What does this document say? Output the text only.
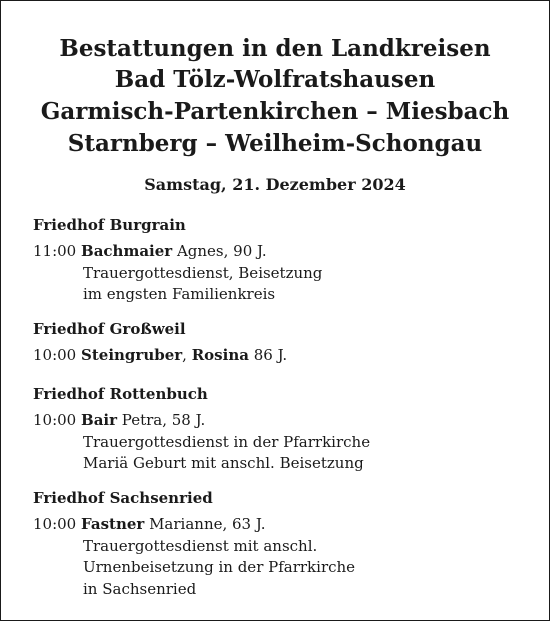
Bestattungen in den Landkreisen
Bad Tölz-Wolfratshausen
Garmisch-Partenkirchen – Miesbach
Starnberg – Weilheim-Schongau
Samstag, 21. Dezember 2024
Friedhof Burgrain
11:00 Bachmaier Agnes, 90 J.
Trauergottesdienst, Beisetzung
im engsten Familienkreis
Friedhof Großweil
10:00 Steingruber, Rosina 86 J.
Friedhof Rottenbuch
10:00 Bair Petra, 58 J.
Trauergottesdienst in der Pfarrkirche
Mariä Geburt mit anschl. Beisetzung
Friedhof Sachsenried
10:00 Fastner Marianne, 63 J.
Trauergottesdienst mit anschl.
Urnenbeisetzung in der Pfarrkirche
in Sachsenried
